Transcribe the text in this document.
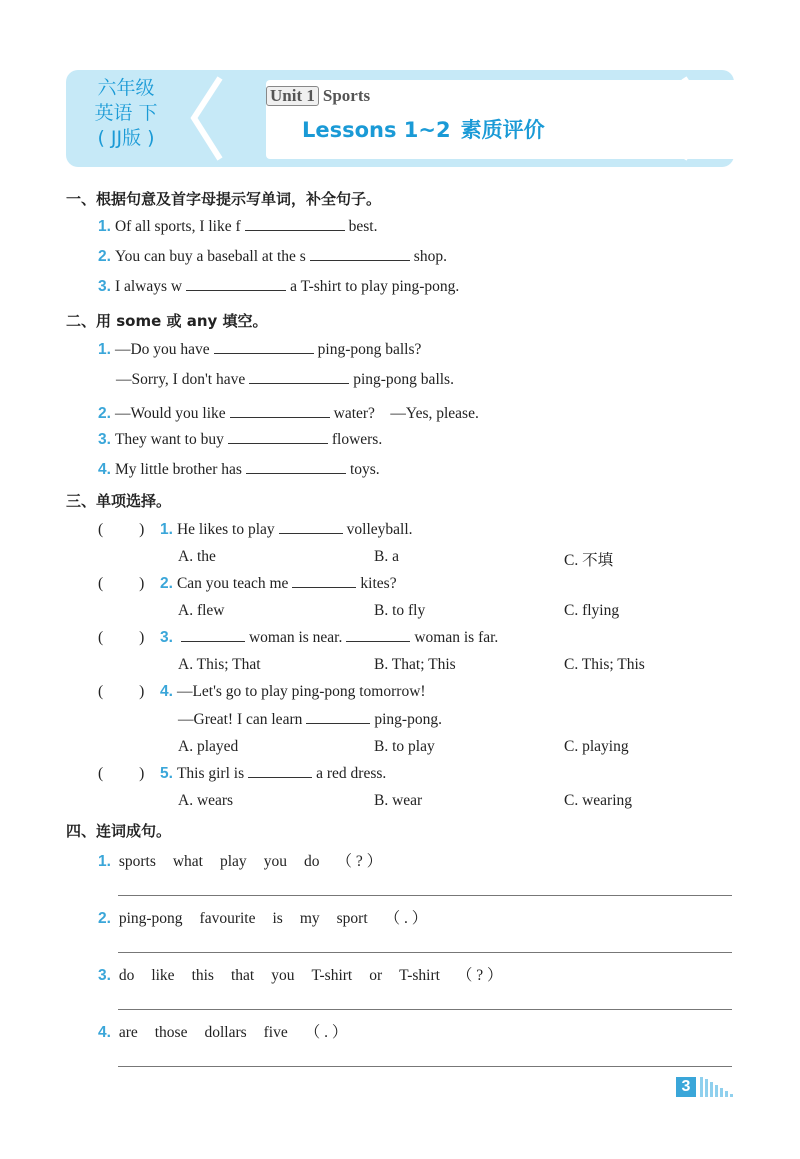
六年级
英语 下
( JJ版 )
Unit 1 Sports
Lessons 1~2 素质评价
一、根据句意及首字母提示写单词，补全句子。
1. Of all sports, I like f	best.
2. You can buy a baseball at the s	shop.
3. I always w	a T-shirt to play ping-pong.
二、用 some 或 any 填空。
1. —Do you have	ping-pong balls?
—Sorry, I don't have	ping-pong balls.
2. —Would you like	water?　—Yes, please.
3. They want to buy	flowers.
4. My little brother has	toys.
三、单项选择。
( ) 1. He likes to play	volleyball.
A. the	B. a	C. 不填
( ) 2. Can you teach me	kites?
A. flew	B. to fly	C. flying
( ) 3.	woman is near.	woman is far.
A. This; That	B. That; This	C. This; This
( ) 4. —Let's go to play ping-pong tomorrow!
—Great! I can learn	ping-pong.
A. played	B. to play	C. playing
( ) 5. This girl is	a red dress.
A. wears	B. wear	C. wearing
四、连词成句。
1. sports what play you do （ ? ）
2. ping-pong favourite is my sport （ . ）
3. do like this that you T-shirt or T-shirt （ ? ）
4. are those dollars five （ . ）
3
